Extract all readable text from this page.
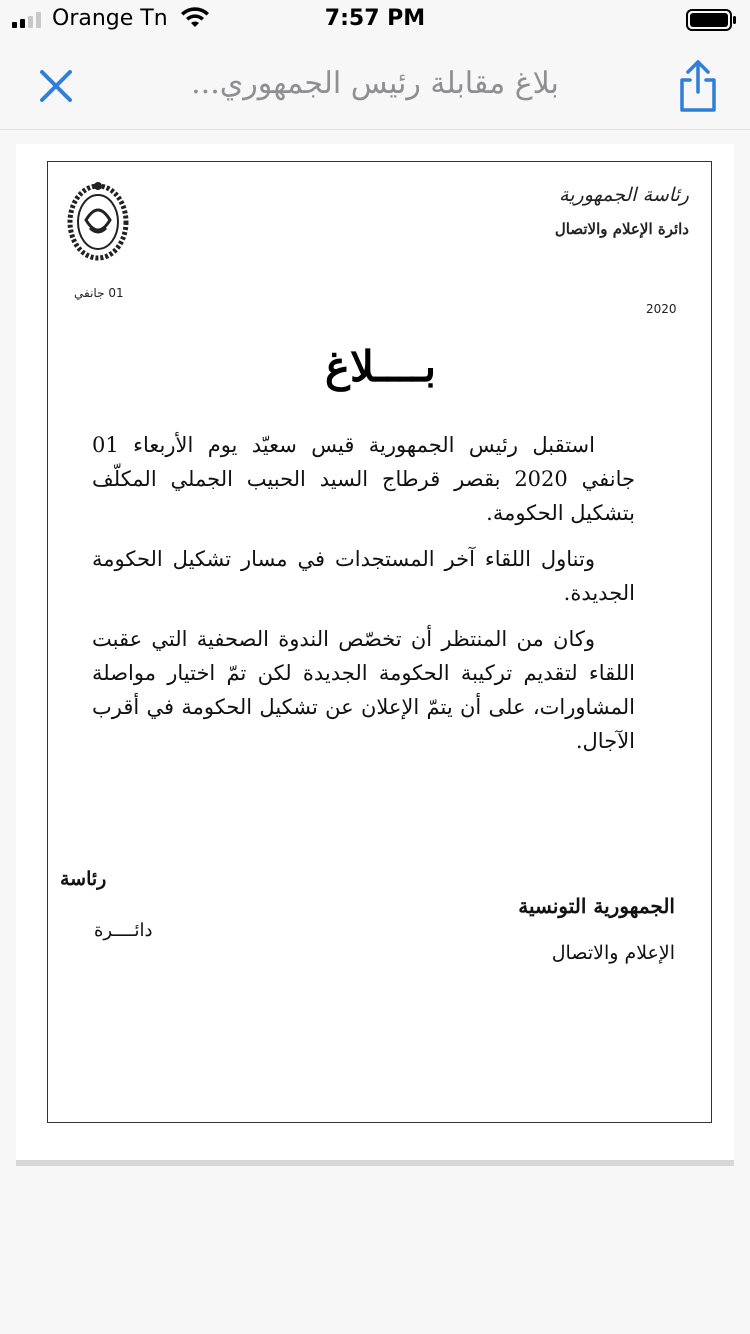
Orange Tn	7:57 PM
بلاغ مقابلة رئيس الجمهوري...
رئاسة الجمهورية
دائرة الإعلام والاتصال
01 جانفي
2020
بــــلاغ

استقبل رئيس الجمهورية قيس سعيّد يوم الأربعاء 01 جانفي 2020 بقصر قرطاج السيد الحبيب الجملي المكلّف بتشكيل الحكومة.

وتناول اللقاء آخر المستجدات في مسار تشكيل الحكومة الجديدة.

وكان من المنتظر أن تخصّص الندوة الصحفية التي عقبت اللقاء لتقديم تركيبة الحكومة الجديدة لكن تمّ اختيار مواصلة المشاورات، على أن يتمّ الإعلان عن تشكيل الحكومة في أقرب الآجال.

رئاسة
دائــــرة
الجمهورية التونسية
الإعلام والاتصال
